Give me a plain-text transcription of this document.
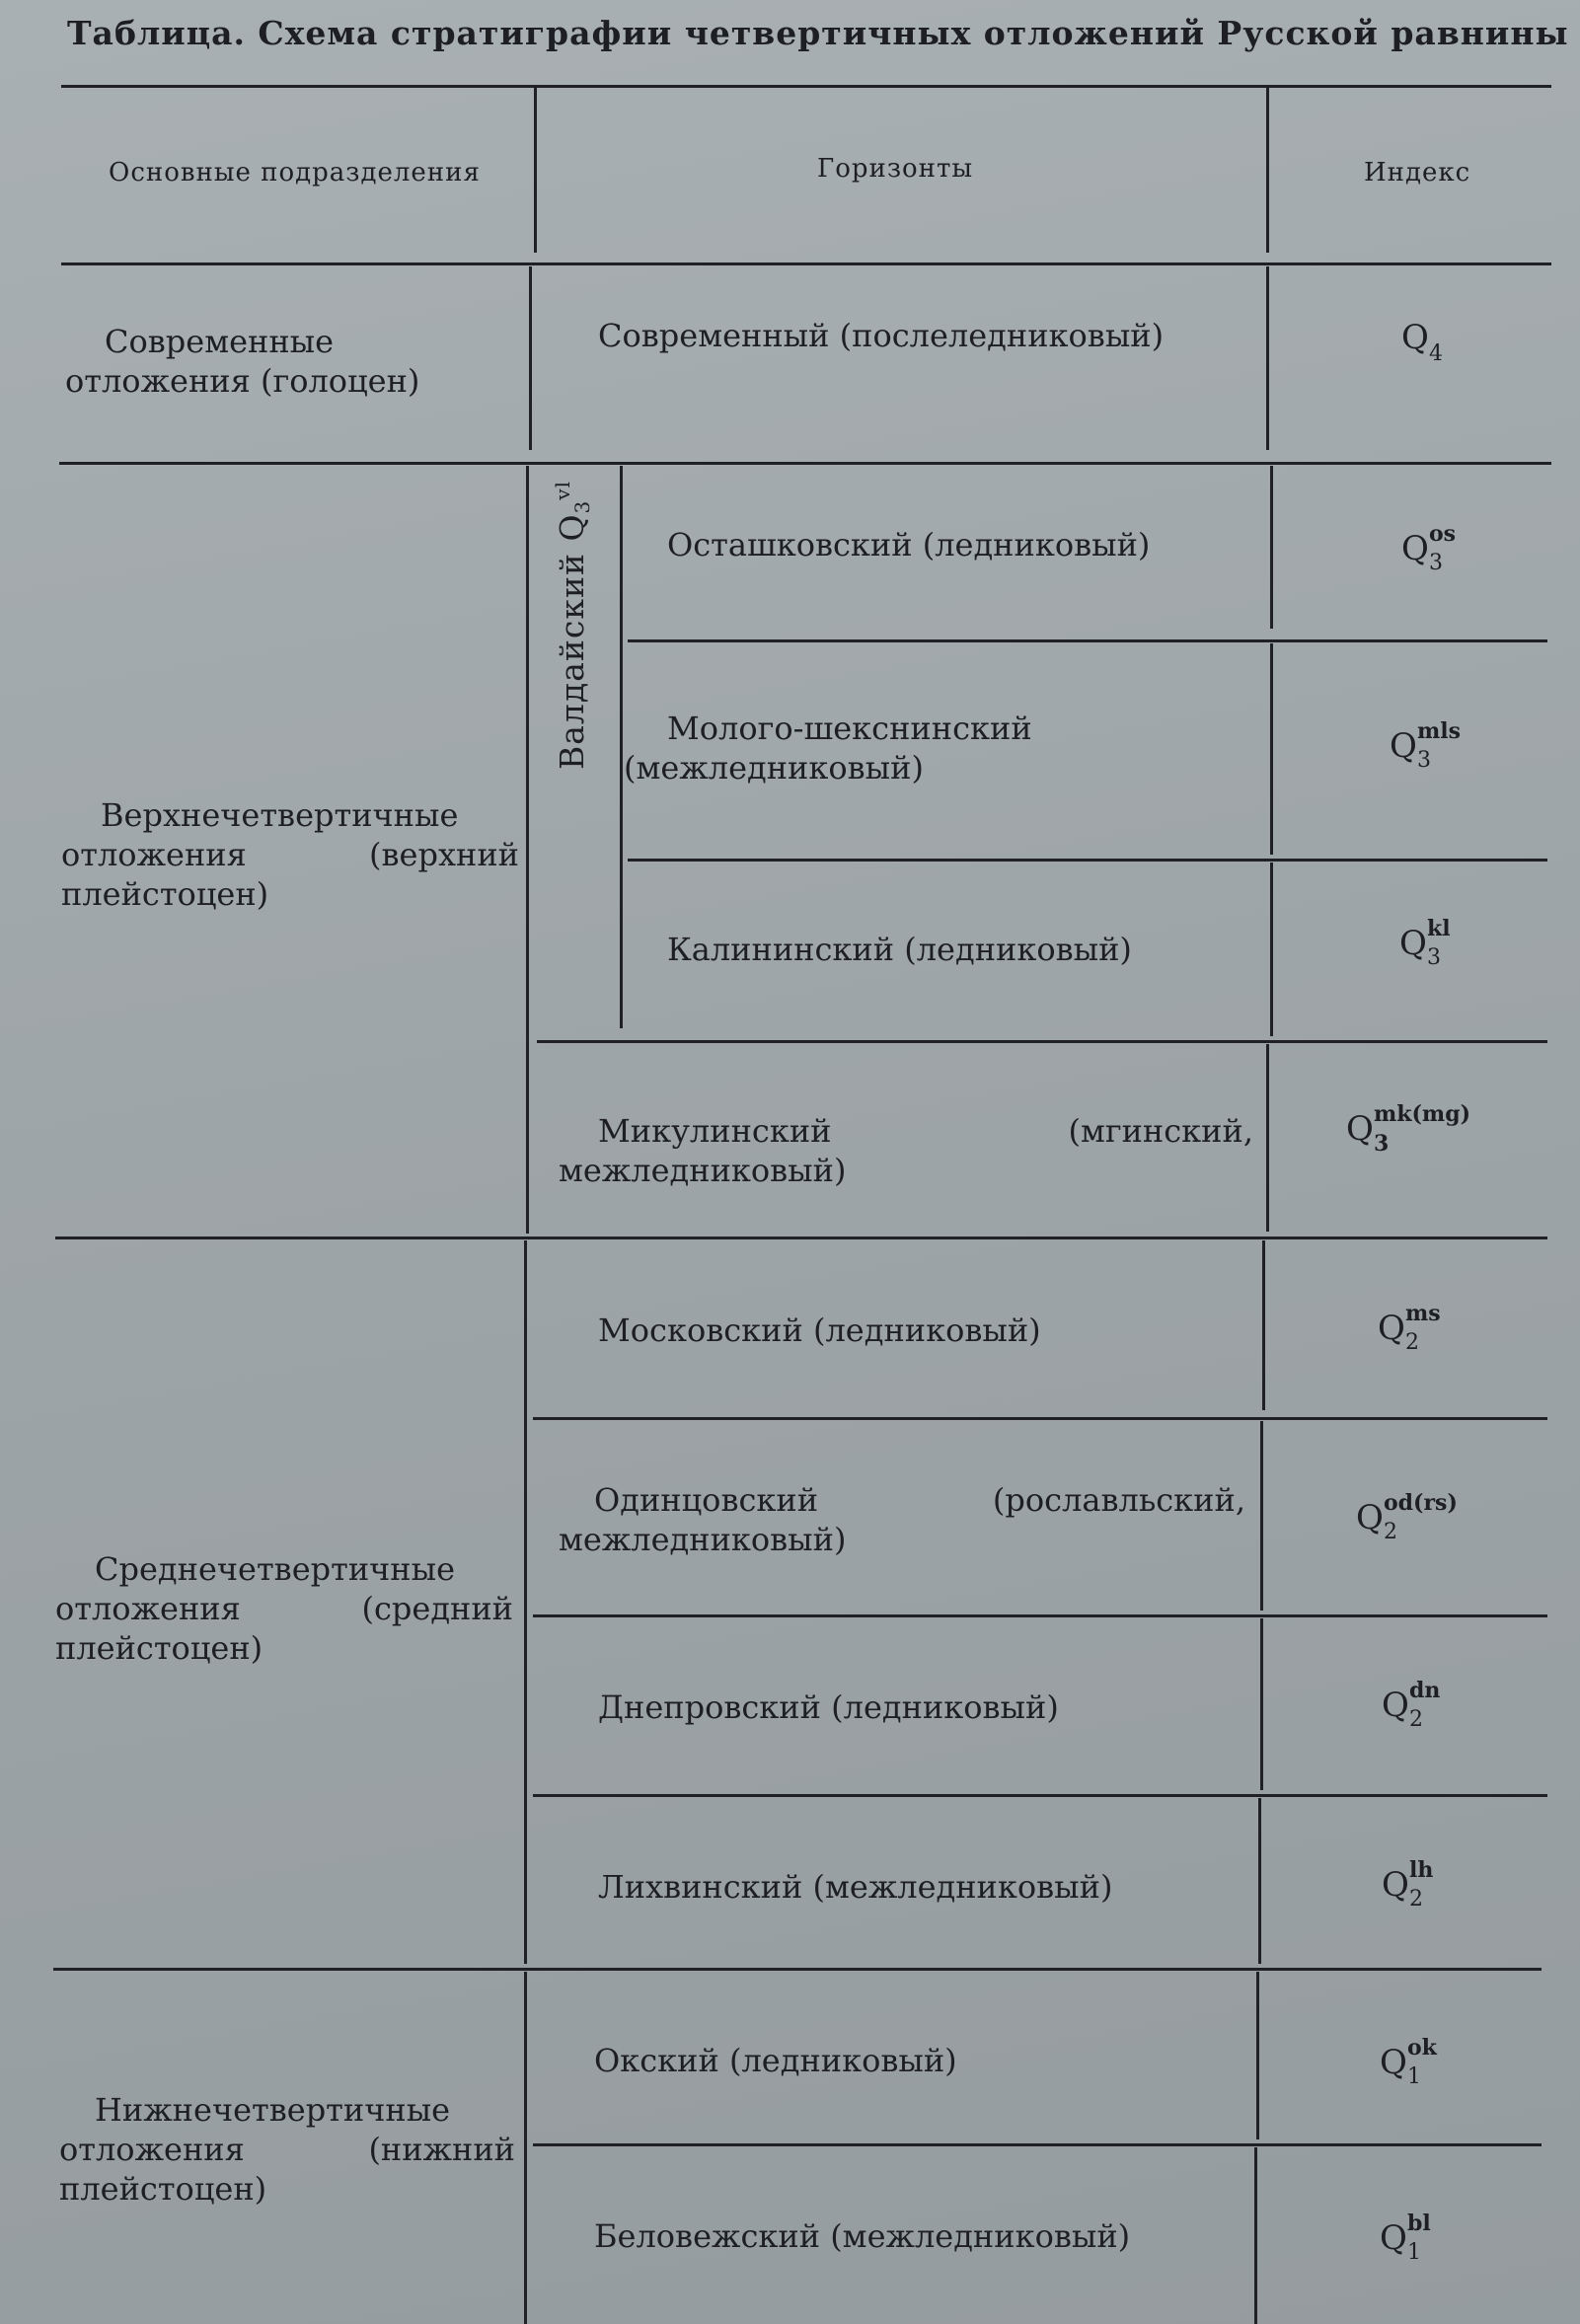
Таблица. Схема стратиграфии четвертичных отложений Русской равнины
Основные подразделения	Горизонты	Индекс
Современные отложения (голоцен)
Верхнечетвертичные отложения (верхний плейстоцен)
Среднечетвертичные отложения (средний плейстоцен)
Нижнечетвертичные отложения (нижний плейстоцен)
Валдайский $Q3^{vl}$
Современный (послеледниковый)
Осташковский (ледниковый)
Молого-шекснинский (межледниковый)
Калининский (ледниковый)
Микулинский (мгинский, межледниковый)
Московский (ледниковый)
Одинцовский (рославльский, межледниковый)
Днепровский (ледниковый)
Лихвинский (межледниковый)
Окский (ледниковый)
Беловежский (межледниковый)
Q 4
Q os
3
Q mls
3
Q kl
3
Q mk(mg)
3
Q ms
2
Q od(rs)
2
Q dn
2
Q lh
2
Q ok
1
Q bl
1
